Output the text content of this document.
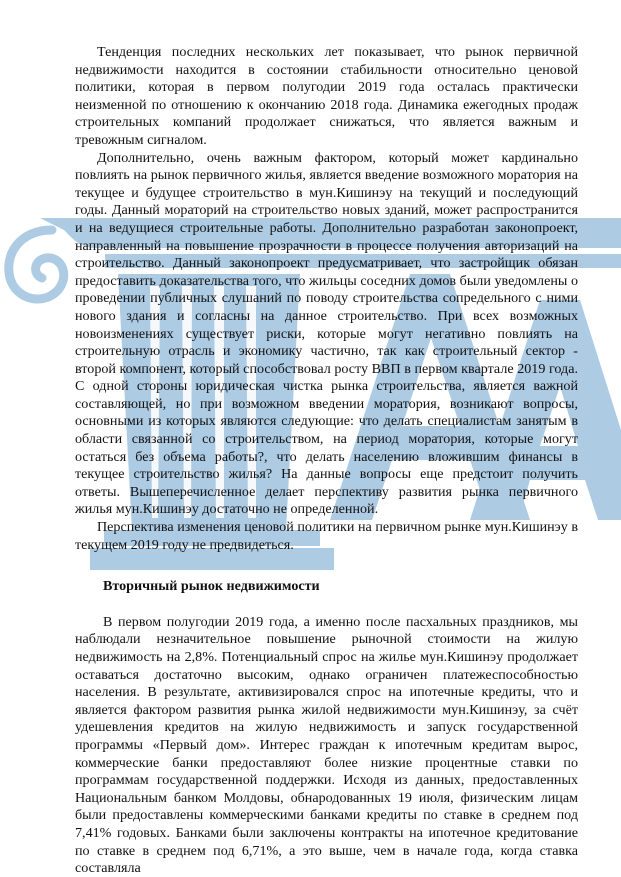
Тенденция последних нескольких лет показывает, что рынок первичной недвижимости находится в состоянии стабильности относительно ценовой политики, которая в первом полугодии 2019 года осталась практически неизменной по отношению к окончанию 2018 года. Динамика ежегодных продаж строительных компаний продолжает снижаться, что является важным и тревожным сигналом.

Дополнительно, очень важным фактором, который может кардинально повлиять на рынок первичного жилья, является введение возможного моратория на текущее и будущее строительство в мун.Кишинэу на текущий и последующий годы. Данный мораторий на строительство новых зданий, может распространится и на ведущиеся строительные работы. Дополнительно разработан законопроект, направленный на повышение прозрачности в процессе получения авторизаций на строительство. Данный законопроект предусматривает, что застройщик обязан предоставить доказательства того, что жильцы соседних домов были уведомлены о проведении публичных слушаний по поводу строительства сопредельного с ними нового здания и согласны на данное строительство. При всех возможных новоизменениях существует риски, которые могут негативно повлиять на строительную отрасль и экономику частично, так как строительный сектор - второй компонент, который способствовал росту ВВП в первом квартале 2019 года. С одной стороны юридическая чистка рынка строительства, является важной составляющей, но при возможном введении моратория, возникают вопросы, основными из которых являются следующие: что делать специалистам занятым в области связанной со строительством, на период моратория, которые могут остаться без объема работы?, что делать населению вложившим финансы в текущее строительство жилья? На данные вопросы еще предстоит получить ответы. Вышеперечисленное делает перспективу развития рынка первичного жилья мун.Кишинэу достаточно не определенной.

Перспектива изменения ценовой политики на первичном рынке мун.Кишинэу в текущем 2019 году не предвидеться.

Вторичный рынок недвижимости

В первом полугодии 2019 года, а именно после пасхальных праздников, мы наблюдали незначительное повышение рыночной стоимости на жилую недвижимость на 2,8%. Потенциальный спрос на жилье мун.Кишинэу продолжает оставаться достаточно высоким, однако ограничен платежеспособностью населения. В результате, активизировался спрос на ипотечные кредиты, что и является фактором развития рынка жилой недвижимости мун.Кишинэу, за счёт удешевления кредитов на жилую недвижимость и запуск государственной программы «Первый дом». Интерес граждан к ипотечным кредитам вырос, коммерческие банки предоставляют более низкие процентные ставки по программам государственной поддержки. Исходя из данных, предоставленных Национальным банком Молдовы, обнародованных 19 июля, физическим лицам были предоставлены коммерческими банками кредиты по ставке в среднем под 7,41% годовых. Банками были заключены контракты на ипотечное кредитование по ставке в среднем под 6,71%, а это выше, чем в начале года, когда ставка составляла
